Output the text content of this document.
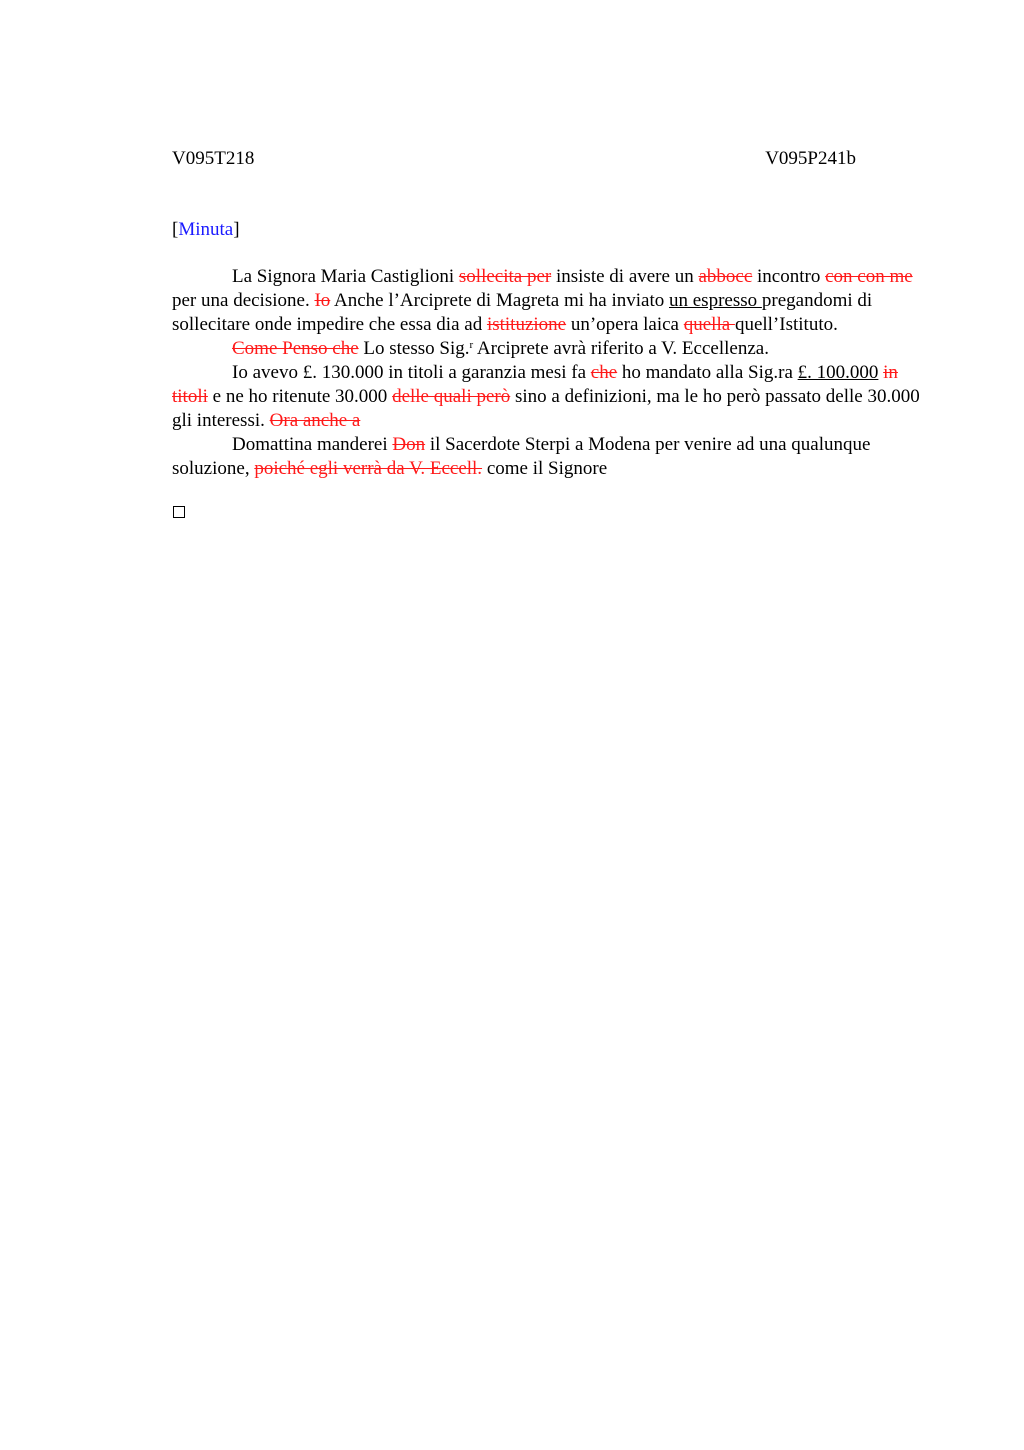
V095T218	V095P241b
[Minuta]

La Signora Maria Castiglioni sollecita per insiste di avere un abbocc incontro con con me per una decisione. Io Anche l’Arciprete di Magreta mi ha inviato un espresso pregandomi di sollecitare onde impedire che essa dia ad istituzione un’opera laica quella quell’Istituto.

Come Penso che Lo stesso Sig.$^r$ Arciprete avrà riferito a V. Eccellenza.

Io avevo £. 130.000 in titoli a garanzia mesi fa che ho mandato alla Sig.ra £. 100.000 in titoli e ne ho ritenute 30.000 delle quali però sino a definizioni, ma le ho però passato delle 30.000 gli interessi. Ora anche a

Domattina manderei Don il Sacerdote Sterpi a Modena per venire ad una qualunque soluzione, poiché egli verrà da V. Eccell. come il Signore
